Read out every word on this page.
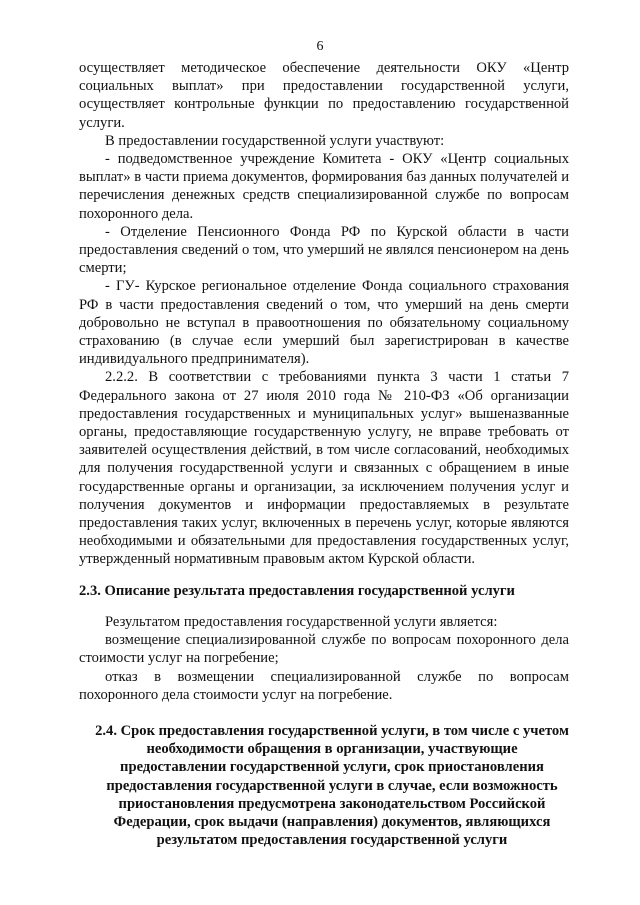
6

осуществляет методическое обеспечение деятельности ОКУ «Центр социальных выплат» при предоставлении государственной услуги, осуществляет контрольные функции по предоставлению государственной услуги.

В предоставлении государственной услуги участвуют:

- подведомственное учреждение Комитета - ОКУ «Центр социальных выплат» в части приема документов, формирования баз данных получателей и перечисления денежных средств специализированной службе по вопросам похоронного дела.

- Отделение Пенсионного Фонда РФ по Курской области в части предоставления сведений о том, что умерший не являлся пенсионером на день смерти;

- ГУ- Курское региональное отделение Фонда социального страхования РФ в части предоставления сведений о том, что умерший на день смерти добровольно не вступал в правоотношения по обязательному социальному страхованию (в случае если умерший был зарегистрирован в качестве индивидуального предпринимателя).

2.2.2. В соответствии с требованиями пункта 3 части 1 статьи 7 Федерального закона от 27 июля 2010 года № 210-ФЗ «Об организации предоставления государственных и муниципальных услуг» вышеназванные органы, предоставляющие государственную услугу, не вправе требовать от заявителей осуществления действий, в том числе согласований, необходимых для получения государственной услуги и связанных с обращением в иные государственные органы и организации, за исключением получения услуг и получения документов и информации предоставляемых в результате предоставления таких услуг, включенных в перечень услуг, которые являются необходимыми и обязательными для предоставления государственных услуг, утвержденный нормативным правовым актом Курской области.

2.3. Описание результата предоставления государственной услуги

Результатом предоставления государственной услуги является:

возмещение специализированной службе по вопросам похоронного дела стоимости услуг на погребение;

отказ в возмещении специализированной службе по вопросам похоронного дела стоимости услуг на погребение.

2.4. Срок предоставления государственной услуги, в том числе с учетом необходимости обращения в организации, участвующие предоставлении государственной услуги, срок приостановления предоставления государственной услуги в случае, если возможность приостановления предусмотрена законодательством Российской Федерации, срок выдачи (направления) документов, являющихся результатом предоставления государственной услуги
